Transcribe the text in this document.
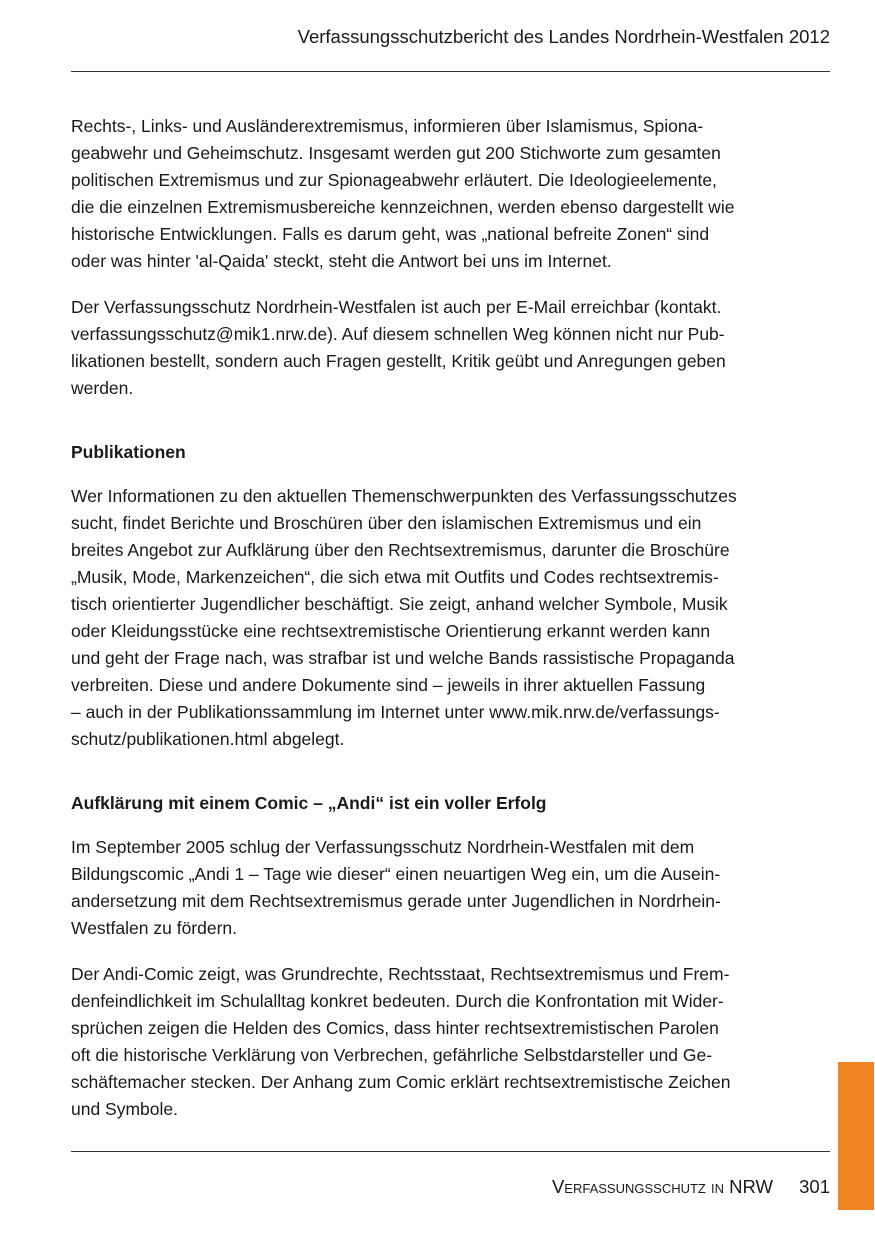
Verfassungsschutzbericht des Landes Nordrhein-Westfalen 2012

Rechts-, Links- und Ausländerextremismus, informieren über Islamismus, Spiona-
geabwehr und Geheimschutz. Insgesamt werden gut 200 Stichworte zum gesamten
politischen Extremismus und zur Spionageabwehr erläutert. Die Ideologieelemente,
die die einzelnen Extremismusbereiche kennzeichnen, werden ebenso dargestellt wie
historische Entwicklungen. Falls es darum geht, was „national befreite Zonen“ sind
oder was hinter 'al-Qaida' steckt, steht die Antwort bei uns im Internet.

Der Verfassungsschutz Nordrhein-Westfalen ist auch per E-Mail erreichbar (kontakt.
verfassungsschutz@mik1.nrw.de). Auf diesem schnellen Weg können nicht nur Pub-
likationen bestellt, sondern auch Fragen gestellt, Kritik geübt und Anregungen geben
werden.

Publikationen

Wer Informationen zu den aktuellen Themenschwerpunkten des Verfassungsschutzes
sucht, findet Berichte und Broschüren über den islamischen Extremismus und ein
breites Angebot zur Aufklärung über den Rechtsextremismus, darunter die Broschüre
„Musik, Mode, Markenzeichen“, die sich etwa mit Outfits und Codes rechtsextremis-
tisch orientierter Jugendlicher beschäftigt. Sie zeigt, anhand welcher Symbole, Musik
oder Kleidungsstücke eine rechtsextremistische Orientierung erkannt werden kann
und geht der Frage nach, was strafbar ist und welche Bands rassistische Propaganda
verbreiten. Diese und andere Dokumente sind – jeweils in ihrer aktuellen Fassung
– auch in der Publikationssammlung im Internet unter www.mik.nrw.de/verfassungs-
schutz/publikationen.html abgelegt.

Aufklärung mit einem Comic – „Andi“ ist ein voller Erfolg

Im September 2005 schlug der Verfassungsschutz Nordrhein-Westfalen mit dem
Bildungscomic „Andi 1 – Tage wie dieser“ einen neuartigen Weg ein, um die Ausein-
andersetzung mit dem Rechtsextremismus gerade unter Jugendlichen in Nordrhein-
Westfalen zu fördern.

Der Andi-Comic zeigt, was Grundrechte, Rechtsstaat, Rechtsextremismus und Frem-
denfeindlichkeit im Schulalltag konkret bedeuten. Durch die Konfrontation mit Wider-
sprüchen zeigen die Helden des Comics, dass hinter rechtsextremistischen Parolen
oft die historische Verklärung von Verbrechen, gefährliche Selbstdarsteller und Ge-
schäftemacher stecken. Der Anhang zum Comic erklärt rechtsextremistische Zeichen
und Symbole.

Verfassungsschutz in NRW 301
